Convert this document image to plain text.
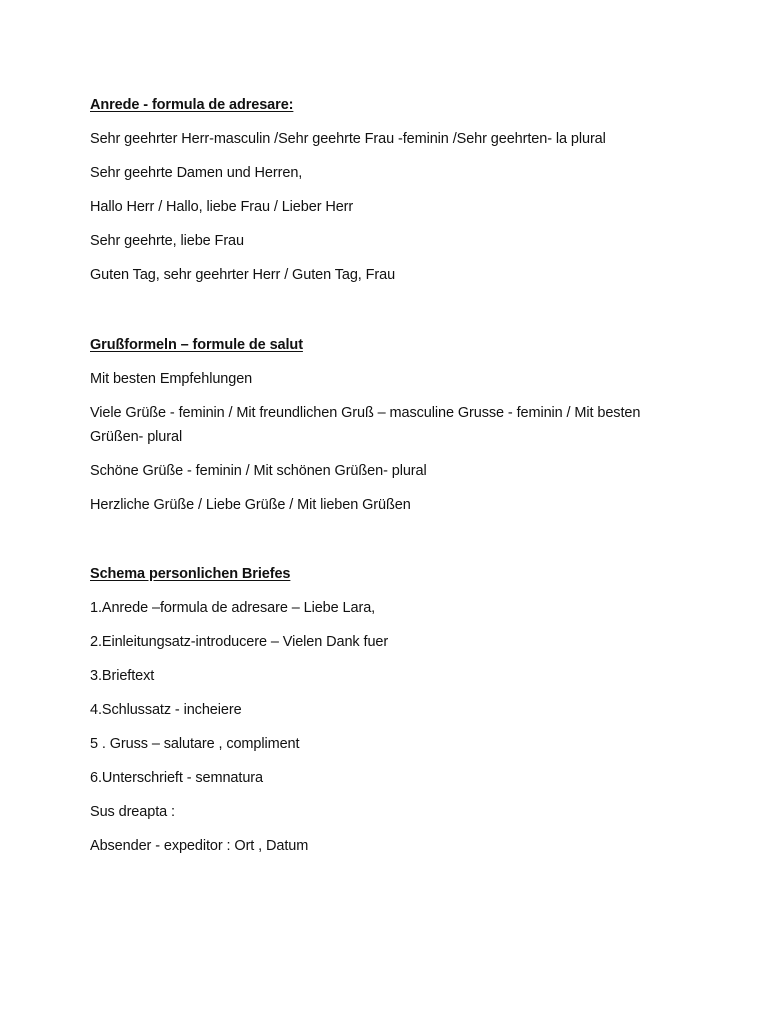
Anrede - formula de adresare:
Sehr geehrter Herr-masculin /Sehr geehrte Frau -feminin /Sehr geehrten- la plural
Sehr geehrte Damen und Herren,
Hallo Herr / Hallo, liebe Frau / Lieber Herr
Sehr geehrte, liebe Frau
Guten Tag, sehr geehrter Herr / Guten Tag, Frau
Grußformeln – formule de salut
Mit besten Empfehlungen
Viele Grüße - feminin / Mit freundlichen Gruß – masculine Grusse - feminin / Mit besten Grüßen- plural
Schöne Grüße - feminin / Mit schönen Grüßen- plural
Herzliche Grüße / Liebe Grüße / Mit lieben Grüßen
Schema personlichen Briefes
1.Anrede –formula de adresare – Liebe Lara,
2.Einleitungsatz-introducere – Vielen Dank fuer
3.Brieftext
4.Schlussatz - incheiere
5 . Gruss – salutare , compliment
6.Unterschrieft - semnatura
Sus dreapta :
Absender - expeditor : Ort , Datum
